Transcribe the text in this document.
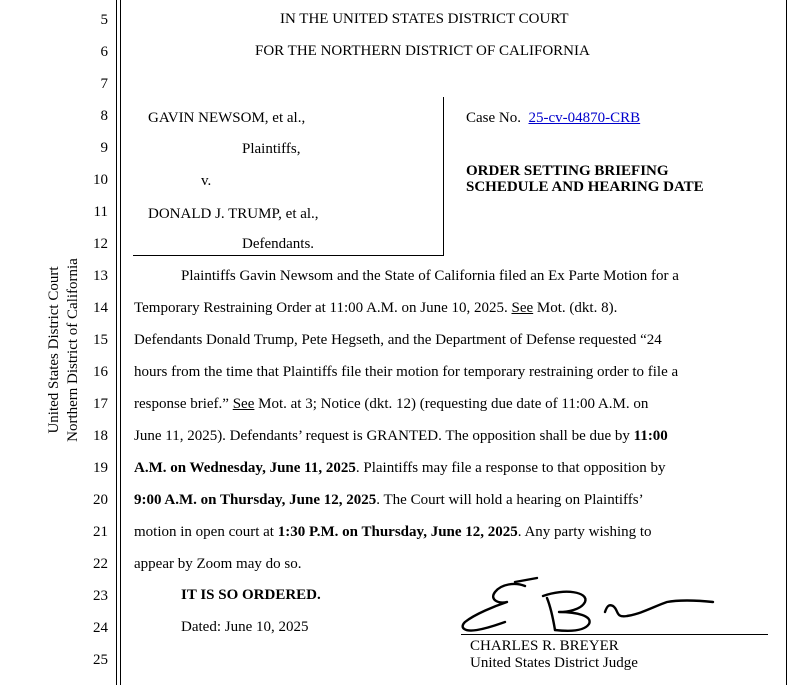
United States District Court Northern District of California
5
6
7
8
9
10
11
12
13
14
15
16
17
18
19
20
21
22
23
24
25
IN THE UNITED STATES DISTRICT COURT
FOR THE NORTHERN DISTRICT OF CALIFORNIA
GAVIN NEWSOM, et al.,
Plaintiffs,
v.
DONALD J. TRUMP, et al.,
Defendants.
Case No. 25-cv-04870-CRB
ORDER SETTING BRIEFING
SCHEDULE AND HEARING DATE
Plaintiffs Gavin Newsom and the State of California filed an Ex Parte Motion for a
Temporary Restraining Order at 11:00 A.M. on June 10, 2025. See Mot. (dkt. 8).
Defendants Donald Trump, Pete Hegseth, and the Department of Defense requested “24
hours from the time that Plaintiffs file their motion for temporary restraining order to file a
response brief.” See Mot. at 3; Notice (dkt. 12) (requesting due date of 11:00 A.M. on
June 11, 2025). Defendants’ request is GRANTED. The opposition shall be due by 11:00
A.M. on Wednesday, June 11, 2025. Plaintiffs may file a response to that opposition by
9:00 A.M. on Thursday, June 12, 2025. The Court will hold a hearing on Plaintiffs’
motion in open court at 1:30 P.M. on Thursday, June 12, 2025. Any party wishing to
appear by Zoom may do so.
IT IS SO ORDERED.
Dated: June 10, 2025
CHARLES R. BREYER
United States District Judge
